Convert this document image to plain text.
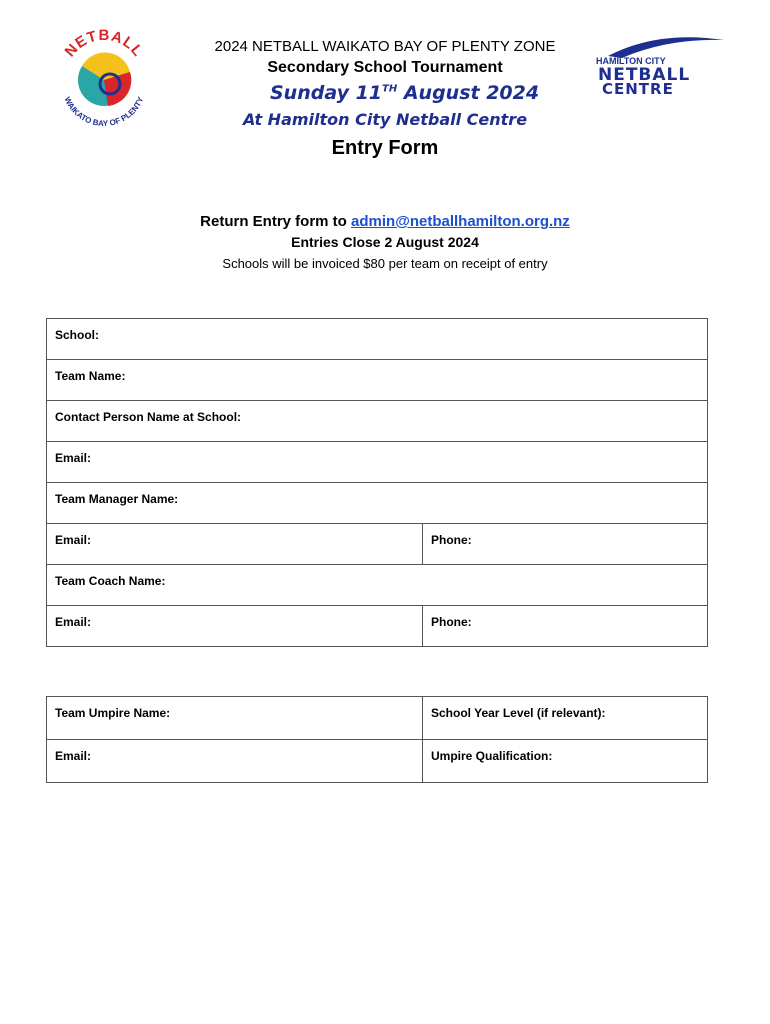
NETBALL
WAIKATO BAY OF PLENTY
HAMILTON CITY
NETBALL
CENTRE
2024 NETBALL WAIKATO BAY OF PLENTY ZONE
Secondary School Tournament
Sunday 11TH August 2024
At Hamilton City Netball Centre
Entry Form
Return Entry form to admin@netballhamilton.org.nz
Entries Close 2 August 2024
Schools will be invoiced $80 per team on receipt of entry
School:	
Team Name:	
Contact Person Name at School:	
Email:	
Team Manager Name:	
Email:	Phone:
Team Coach Name:	
Email:	Phone:
Team Umpire Name:	School Year Level (if relevant):
Email:	Umpire Qualification:
